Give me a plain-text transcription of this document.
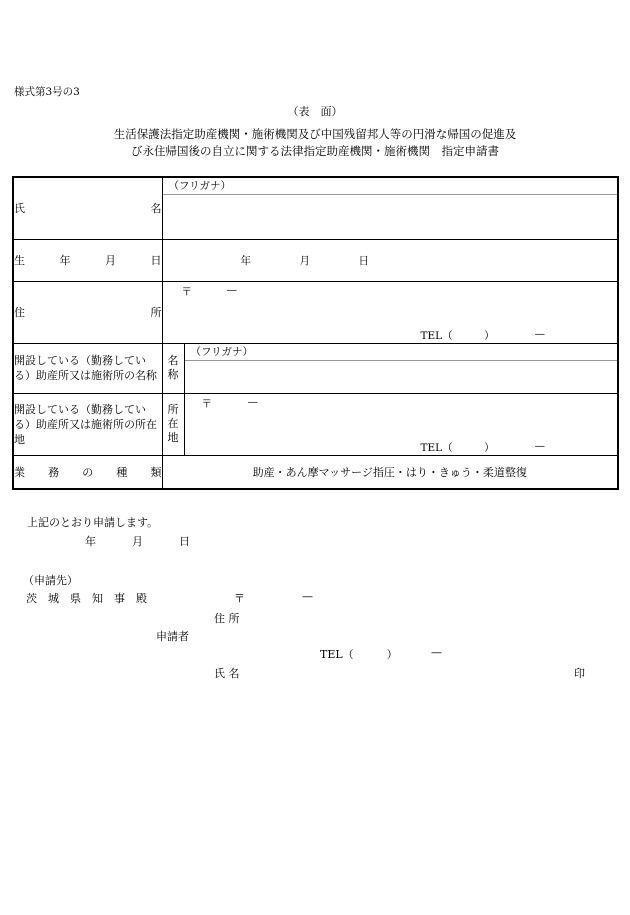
様式第3号の3
（表　面）
生活保護法指定助産機関・施術機関及び中国残留邦人等の円滑な帰国の促進及
び永住帰国後の自立に関する法律指定助産機関・施術機関　指定申請書
氏 名	（フリガナ）	

生 年 月 日	年 月 日	

住 所	〒 —
TEL（　　　） —	

開設している（勤務している）助産所又は施術所の名称	名称	（フリガナ）

開設している（勤務している）助産所又は施術所の所在地	所在地	〒 —
TEL（　　　） —

業 務 の 種 類	助産・あん摩マッサージ指圧・はり・きゅう・柔道整復	
上記のとおり申請します。
年	月	日
（申請先）
茨　城　県　知　事　殿	〒	—
住 所
申請者
TEL（　　　）	—
氏 名	印
